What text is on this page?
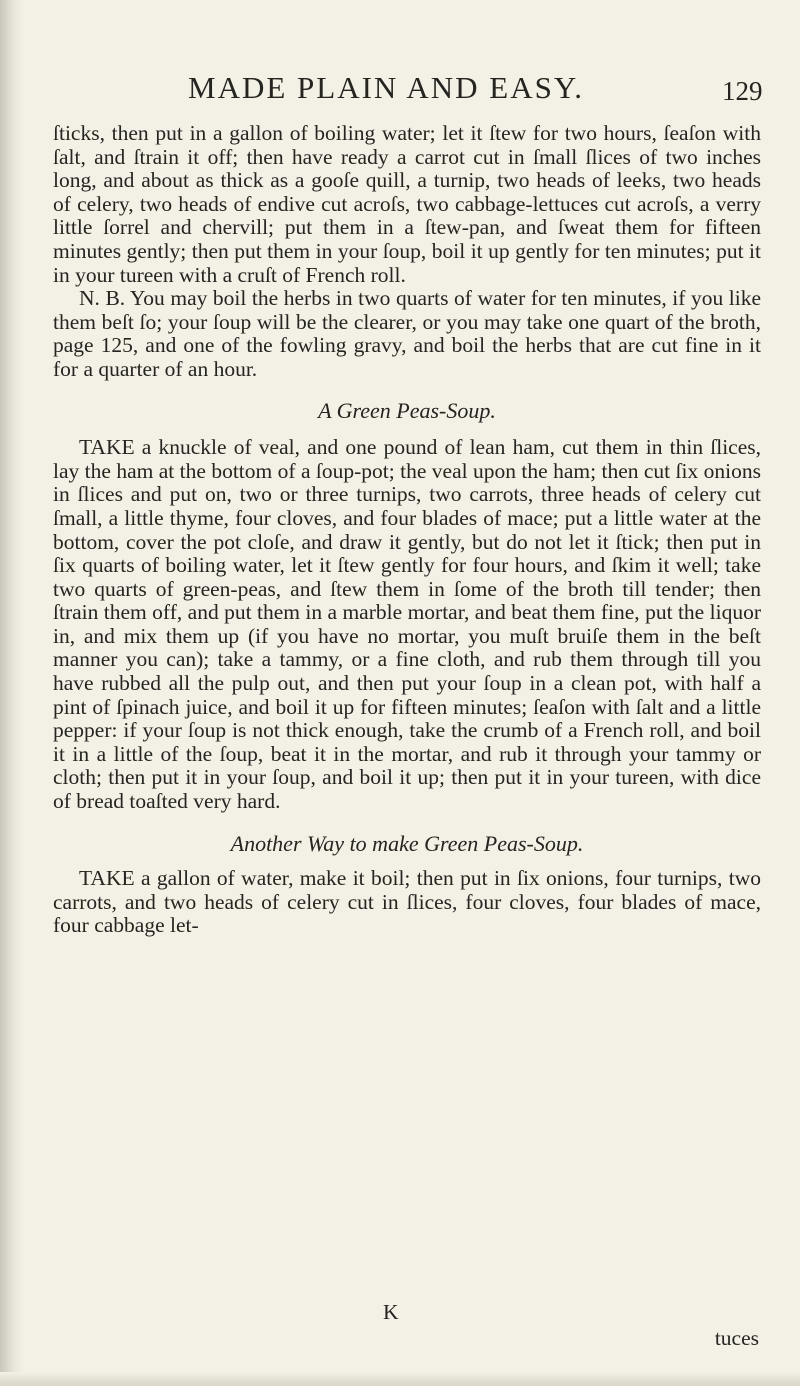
MADE PLAIN AND EASY.	129

ſticks, then put in a gallon of boiling water; let it ſtew for two hours, ſeaſon with ſalt, and ſtrain it off; then have ready a carrot cut in ſmall ſlices of two inches long, and about as thick as a gooſe quill, a turnip, two heads of leeks, two heads of celery, two heads of endive cut acroſs, two cabbage-lettuces cut acroſs, a verry little ſorrel and chervill; put them in a ſtew-pan, and ſweat them for fifteen minutes gently; then put them in your ſoup, boil it up gently for ten minutes; put it in your tureen with a cruſt of French roll.

N. B. You may boil the herbs in two quarts of water for ten minutes, if you like them beſt ſo; your ſoup will be the clearer, or you may take one quart of the broth, page 125, and one of the fowling gravy, and boil the herbs that are cut fine in it for a quarter of an hour.

A Green Peas-Soup.

TAKE a knuckle of veal, and one pound of lean ham, cut them in thin ſlices, lay the ham at the bottom of a ſoup-pot; the veal upon the ham; then cut ſix onions in ſlices and put on, two or three turnips, two carrots, three heads of celery cut ſmall, a little thyme, four cloves, and four blades of mace; put a little water at the bottom, cover the pot cloſe, and draw it gently, but do not let it ſtick; then put in ſix quarts of boiling water, let it ſtew gently for four hours, and ſkim it well; take two quarts of green-peas, and ſtew them in ſome of the broth till tender; then ſtrain them off, and put them in a marble mortar, and beat them fine, put the liquor in, and mix them up (if you have no mortar, you muſt bruiſe them in the beſt manner you can); take a tammy, or a fine cloth, and rub them through till you have rubbed all the pulp out, and then put your ſoup in a clean pot, with half a pint of ſpinach juice, and boil it up for fifteen minutes; ſeaſon with ſalt and a little pepper: if your ſoup is not thick enough, take the crumb of a French roll, and boil it in a little of the ſoup, beat it in the mortar, and rub it through your tammy or cloth; then put it in your ſoup, and boil it up; then put it in your tureen, with dice of bread toaſted very hard.

Another Way to make Green Peas-Soup.

TAKE a gallon of water, make it boil; then put in ſix onions, four turnips, two carrots, and two heads of celery cut in ſlices, four cloves, four blades of mace, four cabbage let-

K
tuces
